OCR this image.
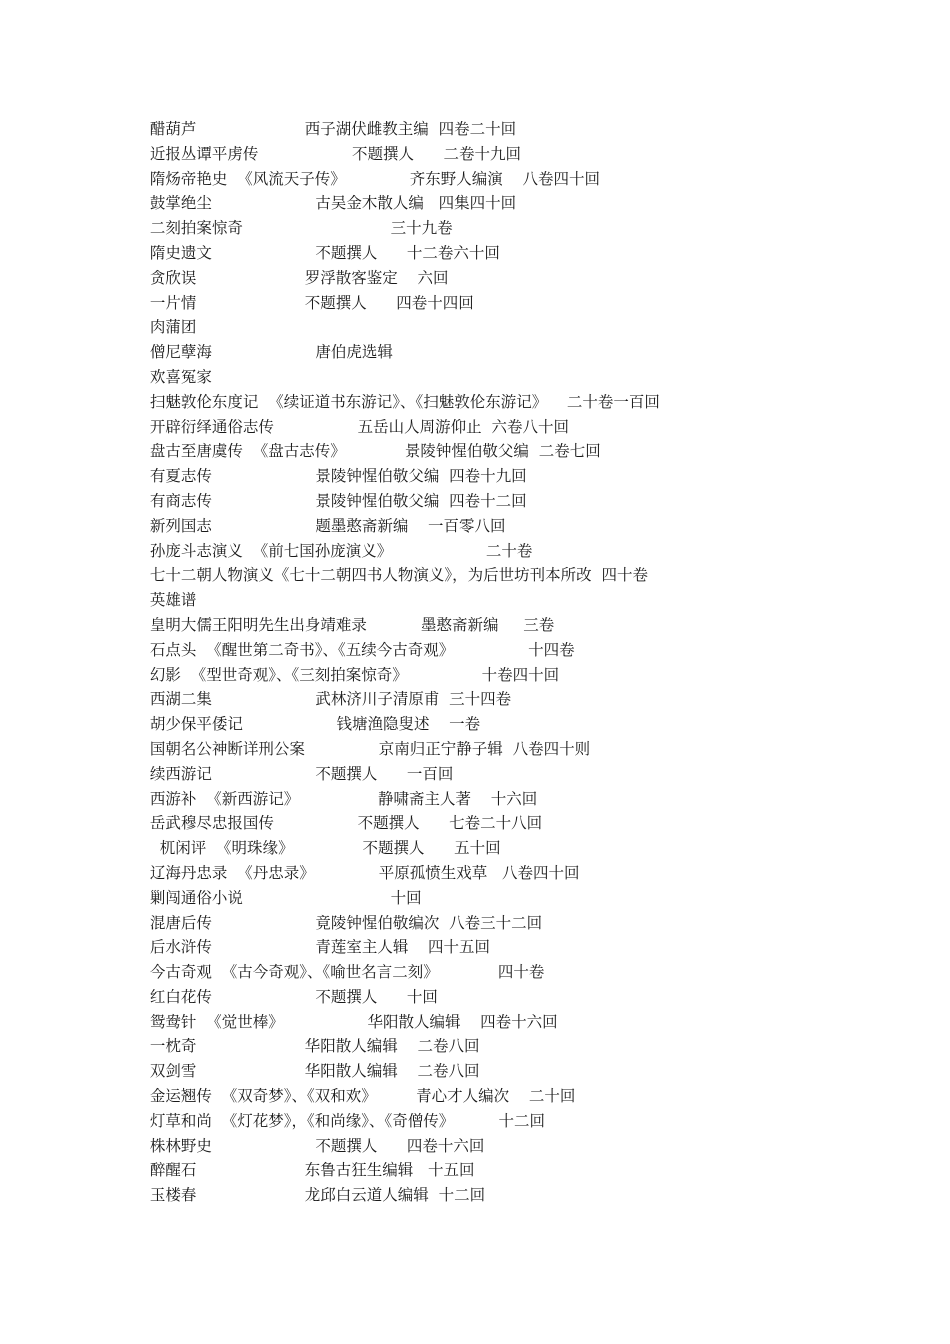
醋葫芦                      西子湖伏雌教主编  四卷二十回
近报丛谭平虏传                   不题撰人      二卷十九回
隋炀帝艳史  《风流天子传》             齐东野人编演    八卷四十回
鼓掌绝尘                     古吴金木散人编   四集四十回
二刻拍案惊奇                              三十九卷
隋史遗文                     不题撰人      十二卷六十回
贪欣误                      罗浮散客鉴定    六回
一片情                      不题撰人      四卷十四回
肉蒲团
僧尼孽海                     唐伯虎选辑
欢喜冤家
扫魅敦伦东度记  《续证道书东游记》、《扫魅敦伦东游记》    二十卷一百回
开辟衍绎通俗志传                 五岳山人周游仰止  六卷八十回
盘古至唐虞传  《盘古志传》            景陵钟惺伯敬父编  二卷七回
有夏志传                     景陵钟惺伯敬父编  四卷十九回
有商志传                     景陵钟惺伯敬父编  四卷十二回
新列国志                     题墨憨斋新编    一百零八回
孙庞斗志演义  《前七国孙庞演义》                   二十卷
七十二朝人物演义《七十二朝四书人物演义》，为后世坊刊本所改  四十卷
英雄谱
皇明大儒王阳明先生出身靖难录           墨憨斋新编     三卷
石点头  《醒世第二奇书》、《五续今古奇观》               十四卷
幻影  《型世奇观》、《三刻拍案惊奇》               十卷四十回
西湖二集                     武林济川子清原甫  三十四卷
胡少保平倭记                   钱塘渔隐叟述    一卷
国朝名公神断详刑公案               京南归正宁静子辑  八卷四十则
续西游记                     不题撰人      一百回
西游补  《新西游记》                静啸斋主人著    十六回
岳武穆尽忠报国传                 不题撰人      七卷二十八回
杌闲评  《明珠缘》              不题撰人      五十回
辽海丹忠录  《丹忠录》             平原孤愤生戏草   八卷四十回
剿闯通俗小说                              十回
混唐后传                     竟陵钟惺伯敬编次  八卷三十二回
后水浒传                     青莲室主人辑    四十五回
今古奇观  《古今奇观》、《喻世名言二刻》            四十卷
红白花传                     不题撰人      十回
鸳鸯针  《觉世棒》                 华阳散人编辑    四卷十六回
一枕奇                      华阳散人编辑    二卷八回
双剑雪                      华阳散人编辑    二卷八回
金运翘传  《双奇梦》、《双和欢》        青心才人编次    二十回
灯草和尚  《灯花梦》，《和尚缘》、《奇僧传》         十二回
株林野史                     不题撰人      四卷十六回
醉醒石                      东鲁古狂生编辑   十五回
玉楼春                      龙邱白云道人编辑  十二回
